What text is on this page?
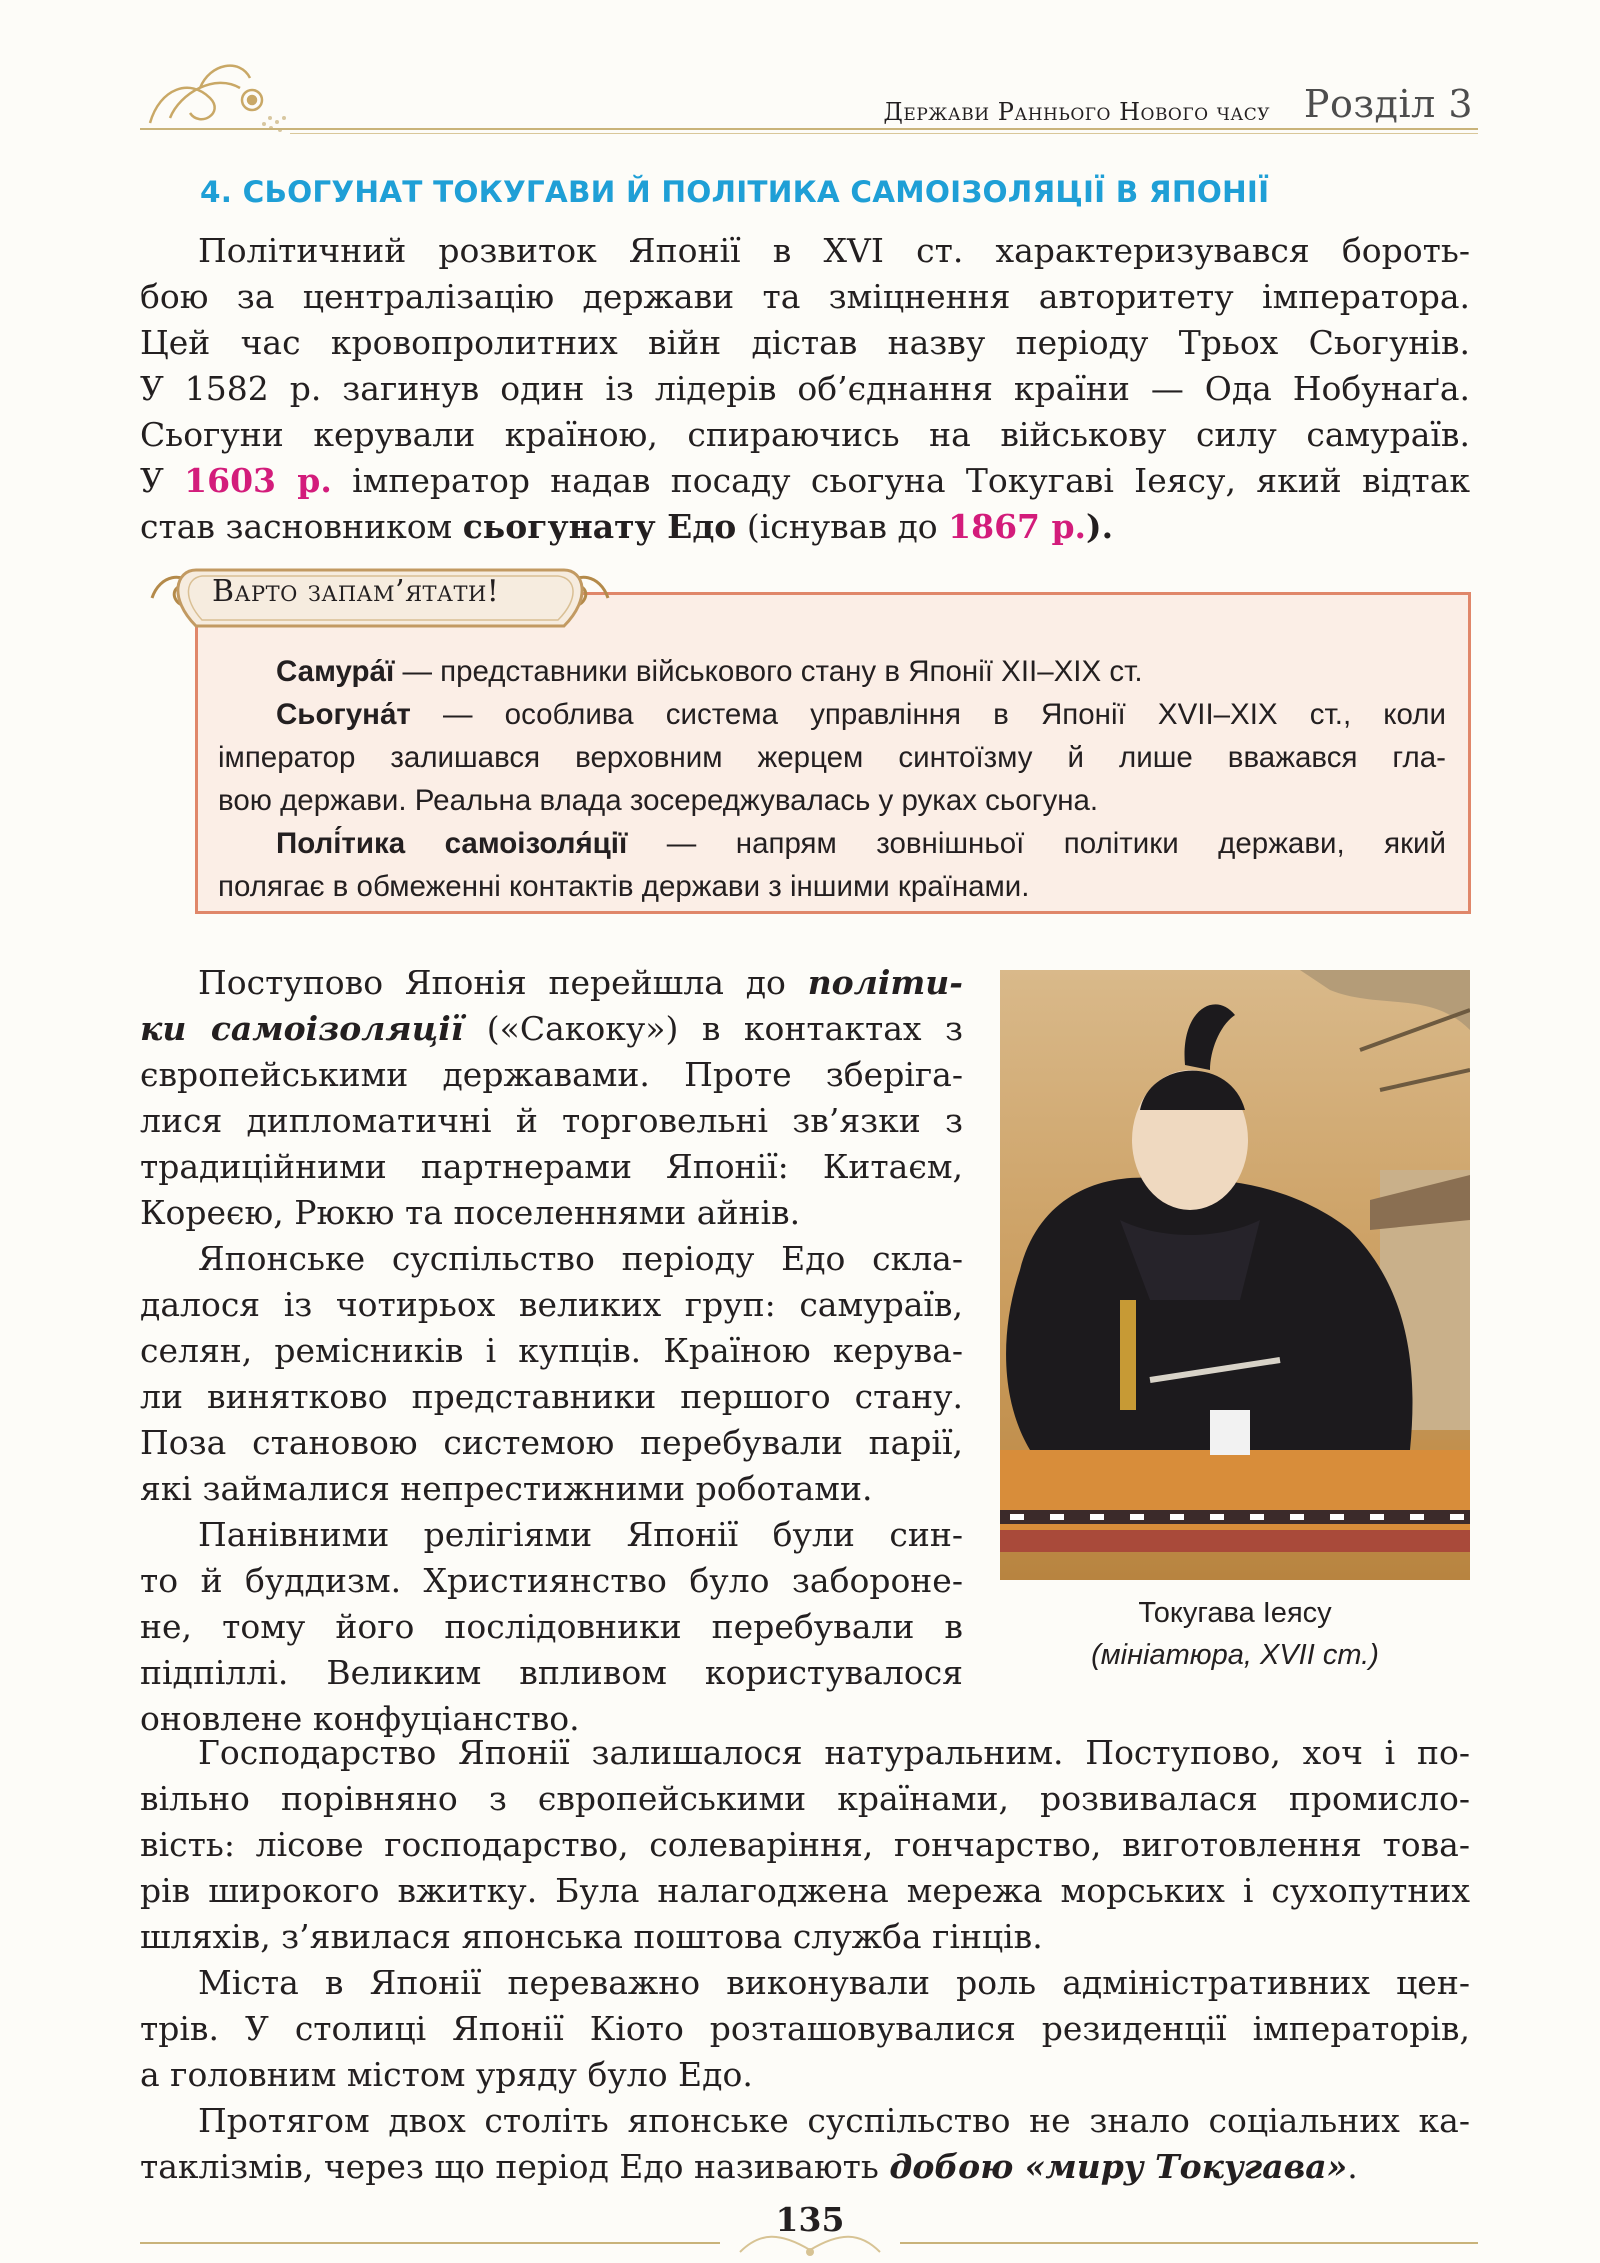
Держави Раннього Нового часу Розділ 3
4. СЬОГУНАТ ТОКУГАВИ Й ПОЛІТИКА САМОІЗОЛЯЦІЇ В ЯПОНІЇ

Політичний розвиток Японії в XVI ст. характеризувався бороть-
бою за централізацію держави та зміцнення авторитету імператора.
Цей час кровопролитних війн дістав назву періоду Трьох Сьогунів.
У 1582 р. загинув один із лідерів об’єднання країни — Ода Нобунаґа.
Сьогуни керували країною, спираючись на військову силу самураїв.
У 1603 р. імператор надав посаду сьогуна Токугаві Іеясу, який відтак
став засновником сьогунату Едо (існував до 1867 р.).

Варто запам’ятати!
Самура́ї — представники військового стану в Японії XII–XIX ст.
Сьогуна́т — особлива система управління в Японії XVII–XIX ст., коли
імператор залишався верховним жерцем синтоїзму й лише вважався гла-
вою держави. Реальна влада зосереджувалась у руках сьогуна.
Полі́тика самоізоля́ції — напрям зовнішньої політики держави, який
полягає в обмеженні контактів держави з іншими країнами.

Поступово Японія перейшла до політи-
ки самоізоляції («Сакоку») в контактах з
європейськими державами. Проте зберіга-
лися дипломатичні й торговельні зв’язки з
традиційними партнерами Японії: Китаєм,
Кореєю, Рюкю та поселеннями айнів.
Японське суспільство періоду Едо скла-
далося із чотирьох великих груп: самураїв,
селян, ремісників і купців. Країною керува-
ли винятково представники першого стану.
Поза становою системою перебували парії,
які займалися непрестижними роботами.
Панівними релігіями Японії були син-
то й буддизм. Християнство було забороне-
не, тому його послідовники перебували в
підпіллі. Великим впливом користувалося
оновлене конфуціанство.

Токугава Іеясу
(мініатюра, XVII ст.)

Господарство Японії залишалося натуральним. Поступово, хоч і по-
вільно порівняно з європейськими країнами, розвивалася промисло-
вість: лісове господарство, солеваріння, гончарство, виготовлення това-
рів широкого вжитку. Була налагоджена мережа морських і сухопутних
шляхів, з’явилася японська поштова служба гінців.
Міста в Японії переважно виконували роль адміністративних цен-
трів. У столиці Японії Кіото розташовувалися резиденції імператорів,
а головним містом уряду було Едо.
Протягом двох століть японське суспільство не знало соціальних ка-
таклізмів, через що період Едо називають добою «миру Токугава».

135
